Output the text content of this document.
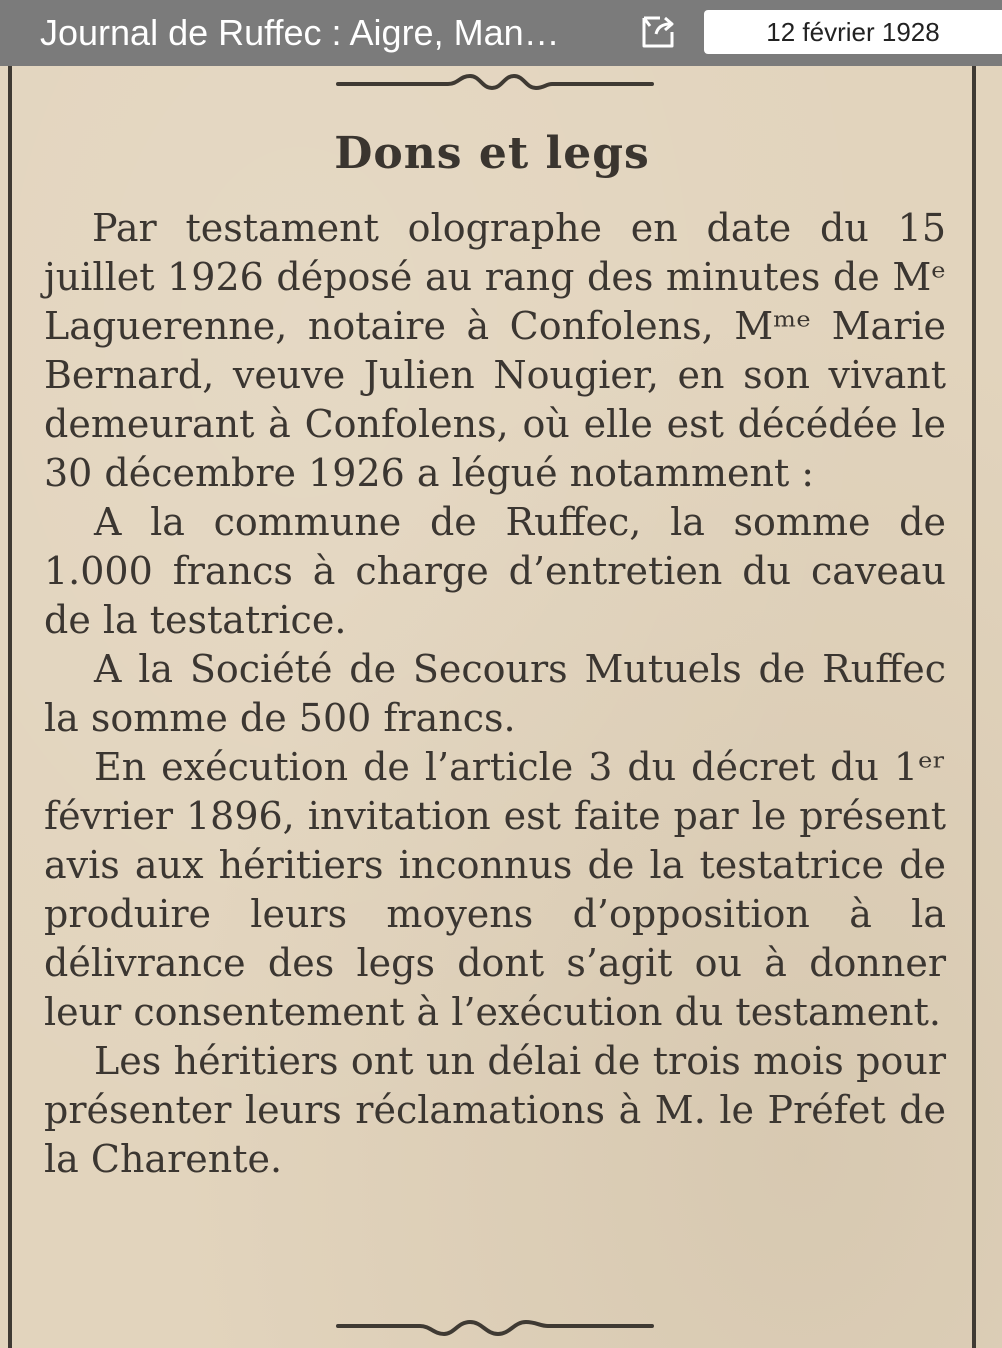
Journal de Ruffec : Aigre, Man…	12 février 1928
Dons et legs

Par testament olographe en date du 15 juillet 1926 déposé au rang des minutes de Mᵉ Laguerenne, notaire à Confolens, Mᵐᵉ Marie Bernard, veuve Julien Nougier, en son vivant demeurant à Confolens, où elle est décédée le 30 décembre 1926 a légué notamment :

A la commune de Ruffec, la somme de 1.000 francs à charge d’entretien du caveau de la testatrice.

A la Société de Secours Mutuels de Ruffec la somme de 500 francs.

En exécution de l’article 3 du décret du 1ᵉʳ février 1896, invitation est faite par le présent avis aux héritiers inconnus de la testatrice de produire leurs moyens d’opposition à la délivrance des legs dont s’agit ou à donner leur consentement à l’exécution du testament.

Les héritiers ont un délai de trois mois pour présenter leurs réclamations à M. le Préfet de la Charente.
